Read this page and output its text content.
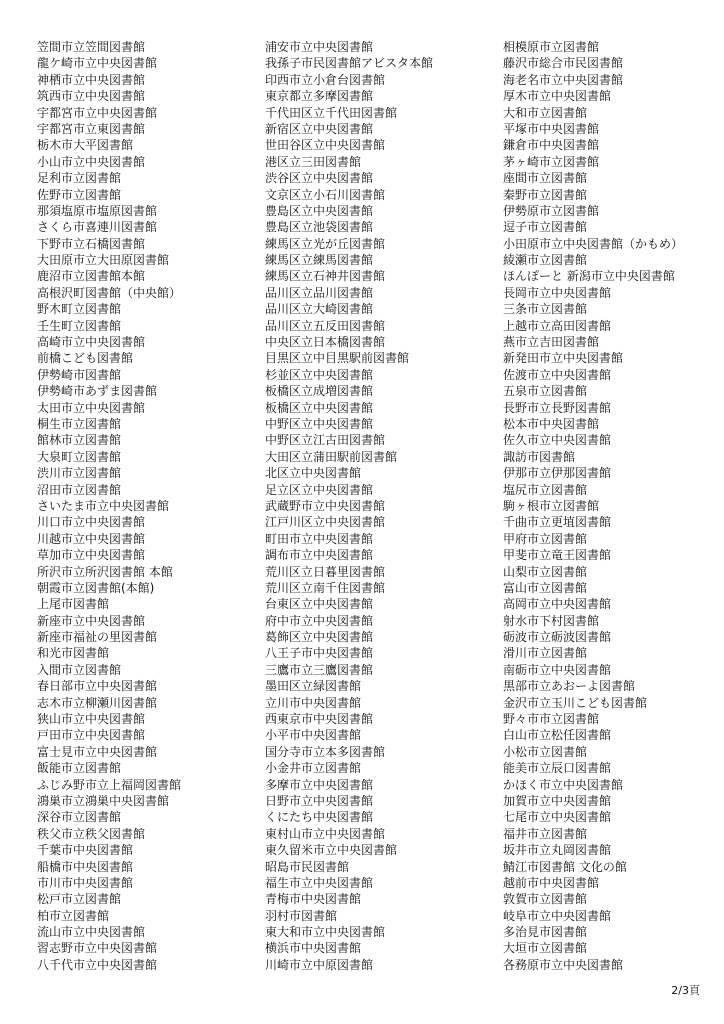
笠間市立笠間図書館
龍ケ崎市立中央図書館
神栖市立中央図書館
筑西市立中央図書館
宇都宮市立中央図書館
宇都宮市立東図書館
栃木市大平図書館
小山市立中央図書館
足利市立図書館
佐野市立図書館
那須塩原市塩原図書館
さくら市喜連川図書館
下野市立石橋図書館
大田原市立大田原図書館
鹿沼市立図書館本館
高根沢町図書館（中央館）
野木町立図書館
壬生町立図書館
高崎市立中央図書館
前橋こども図書館
伊勢崎市図書館
伊勢崎市あずま図書館
太田市立中央図書館
桐生市立図書館
館林市立図書館
大泉町立図書館
渋川市立図書館
沼田市立図書館
さいたま市立中央図書館
川口市立中央図書館
川越市立中央図書館
草加市立中央図書館
所沢市立所沢図書館 本館
朝霞市立図書館(本館)
上尾市図書館
新座市立中央図書館
新座市福祉の里図書館
和光市図書館
入間市立図書館
春日部市立中央図書館
志木市立柳瀬川図書館
狭山市立中央図書館
戸田市立中央図書館
富士見市立中央図書館
飯能市立図書館
ふじみ野市立上福岡図書館
鴻巣市立鴻巣中央図書館
深谷市立図書館
秩父市立秩父図書館
千葉市中央図書館
船橋市中央図書館
市川市中央図書館
松戸市立図書館
柏市立図書館
流山市立中央図書館
習志野市立中央図書館
八千代市立中央図書館
浦安市立中央図書館
我孫子市民図書館アビスタ本館
印西市立小倉台図書館
東京都立多摩図書館
千代田区立千代田図書館
新宿区立中央図書館
世田谷区立中央図書館
港区立三田図書館
渋谷区立中央図書館
文京区立小石川図書館
豊島区立中央図書館
豊島区立池袋図書館
練馬区立光が丘図書館
練馬区立練馬図書館
練馬区立石神井図書館
品川区立品川図書館
品川区立大崎図書館
品川区立五反田図書館
中央区立日本橋図書館
目黒区立中目黒駅前図書館
杉並区立中央図書館
板橋区立成増図書館
板橋区立中央図書館
中野区立中央図書館
中野区立江古田図書館
大田区立蒲田駅前図書館
北区立中央図書館
足立区立中央図書館
武蔵野市立中央図書館
江戸川区立中央図書館
町田市立中央図書館
調布市立中央図書館
荒川区立日暮里図書館
荒川区立南千住図書館
台東区立中央図書館
府中市立中央図書館
葛飾区立中央図書館
八王子市中央図書館
三鷹市立三鷹図書館
墨田区立緑図書館
立川市中央図書館
西東京市中央図書館
小平市中央図書館
国分寺市立本多図書館
小金井市立図書館
多摩市立中央図書館
日野市立中央図書館
くにたち中央図書館
東村山市立中央図書館
東久留米市立中央図書館
昭島市民図書館
福生市立中央図書館
青梅市中央図書館
羽村市図書館
東大和市立中央図書館
横浜市中央図書館
川崎市立中原図書館
相模原市立図書館
藤沢市総合市民図書館
海老名市立中央図書館
厚木市立中央図書館
大和市立図書館
平塚市中央図書館
鎌倉市中央図書館
茅ヶ崎市立図書館
座間市立図書館
秦野市立図書館
伊勢原市立図書館
逗子市立図書館
小田原市立中央図書館（かもめ）
綾瀬市立図書館
ほんぽーと 新潟市立中央図書館
長岡市立中央図書館
三条市立図書館
上越市立高田図書館
燕市立吉田図書館
新発田市立中央図書館
佐渡市立中央図書館
五泉市立図書館
長野市立長野図書館
松本市中央図書館
佐久市立中央図書館
諏訪市図書館
伊那市立伊那図書館
塩尻市立図書館
駒ヶ根市立図書館
千曲市立更埴図書館
甲府市立図書館
甲斐市立竜王図書館
山梨市立図書館
富山市立図書館
高岡市立中央図書館
射水市下村図書館
砺波市立砺波図書館
滑川市立図書館
南砺市立中央図書館
黒部市立あおーよ図書館
金沢市立玉川こども図書館
野々市市立図書館
白山市立松任図書館
小松市立図書館
能美市立辰口図書館
かほく市立中央図書館
加賀市立中央図書館
七尾市立中央図書館
福井市立図書館
坂井市立丸岡図書館
鯖江市図書館 文化の館
越前市中央図書館
敦賀市立図書館
岐阜市立中央図書館
多治見市図書館
大垣市立図書館
各務原市立中央図書館
2/3頁
